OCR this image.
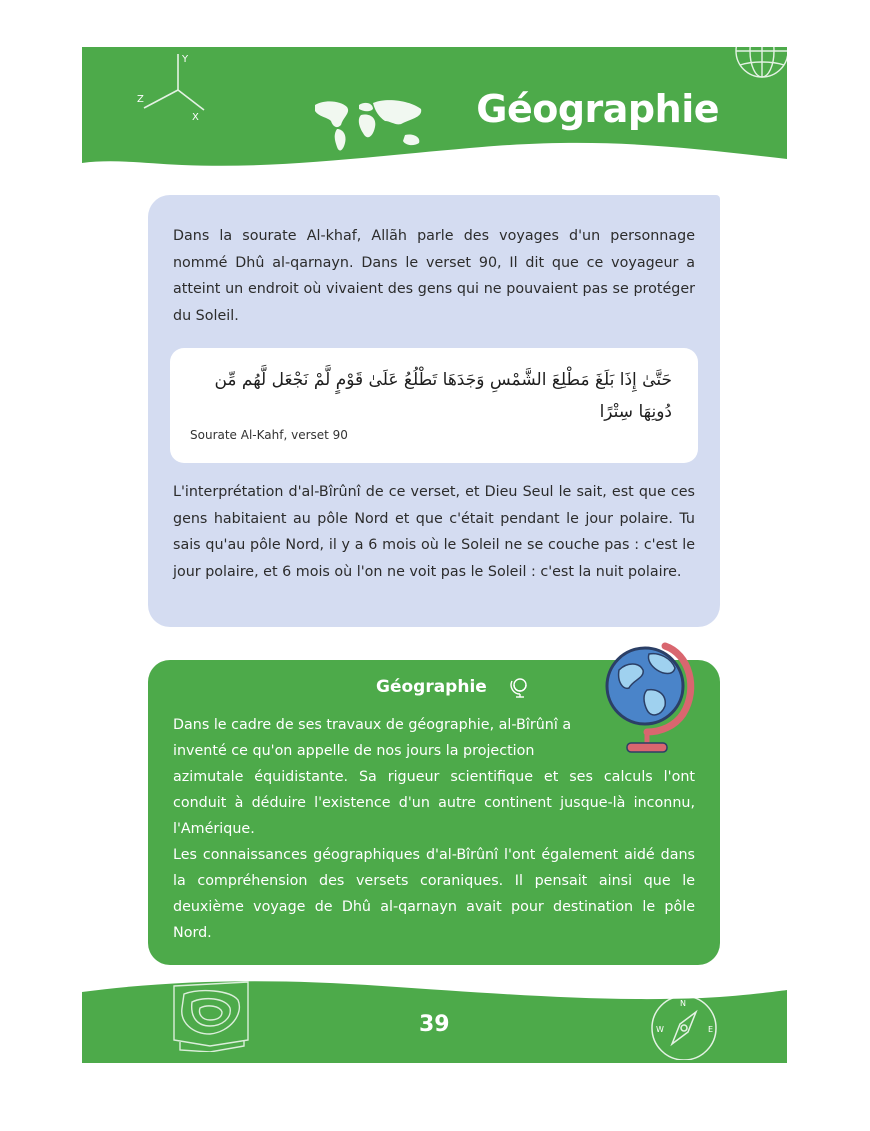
Y
Z
X	Géographie

Dans la sourate Al-khaf, Allãh parle des voyages d'un personnage nommé Dhû al-qarnayn. Dans le verset 90, Il dit que ce voyageur a atteint un endroit où vivaient des gens qui ne pouvaient pas se protéger du Soleil.

حَتَّىٰ إِذَا بَلَغَ مَطْلِعَ الشَّمْسِ وَجَدَهَا تَطْلُعُ عَلَىٰ قَوْمٍ لَّمْ نَجْعَل لَّهُم مِّن دُونِهَا سِتْرًا

Sourate Al-Kahf, verset 90

L'interprétation d'al-Bîrûnî de ce verset, et Dieu Seul le sait, est que ces gens habitaient au pôle Nord et que c'était pendant le jour polaire. Tu sais qu'au pôle Nord, il y a 6 mois où le Soleil ne se couche pas : c'est le jour polaire, et 6 mois où l'on ne voit pas le Soleil : c'est la nuit polaire.

Géographie

Dans le cadre de ses travaux de géographie, al-Bîrûnî a
inventé ce qu'on appelle de nos jours la projection
azimutale équidistante. Sa rigueur scientifique et ses calculs l'ont conduit à déduire l'existence d'un autre continent jusque-là inconnu, l'Amérique.
Les connaissances géographiques d'al-Bîrûnî l'ont également aidé dans la compréhension des versets coraniques. Il pensait ainsi que le deuxième voyage de Dhû al-qarnayn avait pour destination le pôle Nord.

39
N
W	E
